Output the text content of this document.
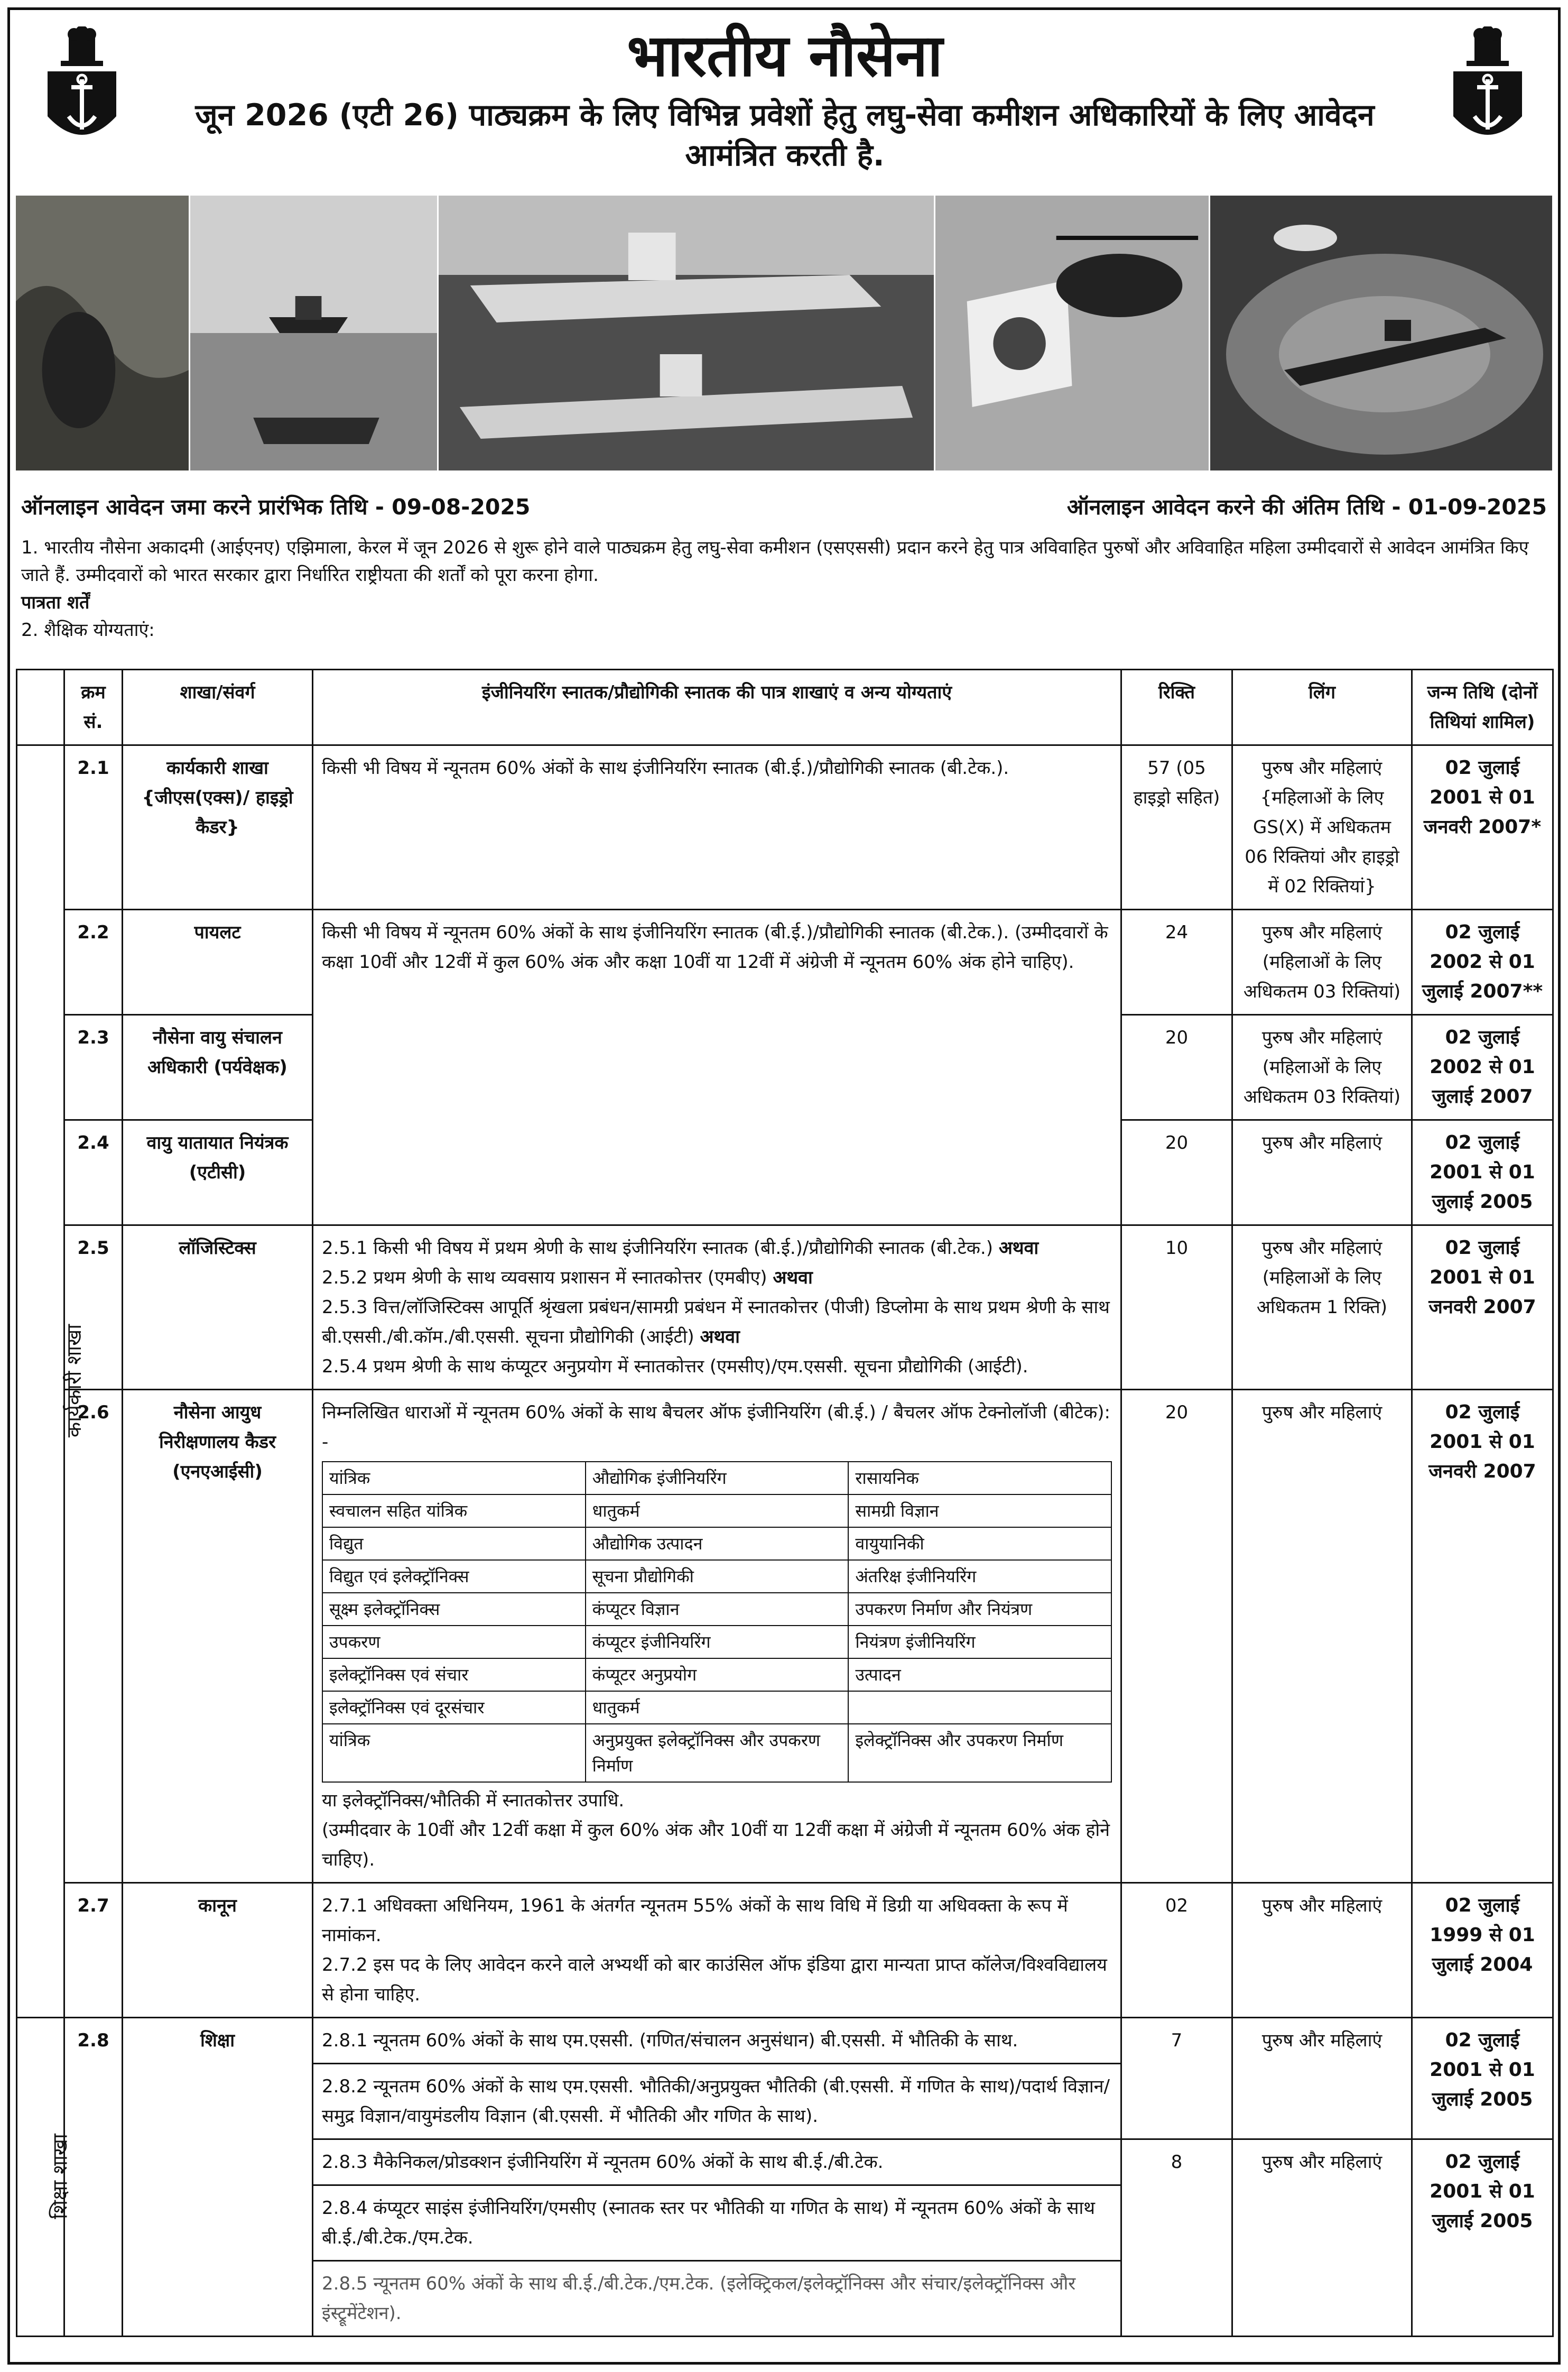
भारतीय नौसेना
जून 2026 (एटी 26) पाठ्यक्रम के लिए विभिन्न प्रवेशों हेतु लघु-सेवा कमीशन अधिकारियों के लिए आवेदन आमंत्रित करती है.
ऑनलाइन आवेदन जमा करने प्रारंभिक तिथि - 09-08-2025	ऑनलाइन आवेदन करने की अंतिम तिथि - 01-09-2025

1. भारतीय नौसेना अकादमी (आईएनए) एझिमाला, केरल में जून 2026 से शुरू होने वाले पाठ्यक्रम हेतु लघु-सेवा कमीशन (एसएससी) प्रदान करने हेतु पात्र अविवाहित पुरुषों और अविवाहित महिला उम्मीदवारों से आवेदन आमंत्रित किए जाते हैं. उम्मीदवारों को भारत सरकार द्वारा निर्धारित राष्ट्रीयता की शर्तों को पूरा करना होगा.

पात्रता शर्तें

2. शैक्षिक योग्यताएं:

	क्रम सं.	शाखा/संवर्ग	इंजीनियरिंग स्नातक/प्रौद्योगिकी स्नातक की पात्र शाखाएं व अन्य योग्यताएं	रिक्ति	लिंग	जन्म तिथि (दोनों तिथियां शामिल)
कार्यकारी शाखा	2.1	कार्यकारी शाखा {जीएस(एक्स)/ हाइड्रो कैडर}	किसी भी विषय में न्यूनतम 60% अंकों के साथ इंजीनियरिंग स्नातक (बी.ई.)/प्रौद्योगिकी स्नातक (बी.टेक.).	57 (05 हाइड्रो सहित)	पुरुष और महिलाएं {महिलाओं के लिए GS(X) में अधिकतम 06 रिक्तियां और हाइड्रो में 02 रिक्तियां}	02 जुलाई 2001 से 01 जनवरी 2007*
2.2	पायलट	किसी भी विषय में न्यूनतम 60% अंकों के साथ इंजीनियरिंग स्नातक (बी.ई.)/प्रौद्योगिकी स्नातक (बी.टेक.). (उम्मीदवारों के कक्षा 10वीं और 12वीं में कुल 60% अंक और कक्षा 10वीं या 12वीं में अंग्रेजी में न्यूनतम 60% अंक होने चाहिए).	24	पुरुष और महिलाएं (महिलाओं के लिए अधिकतम 03 रिक्तियां)	02 जुलाई 2002 से 01 जुलाई 2007**
2.3	नौसेना वायु संचालन अधिकारी (पर्यवेक्षक)	20	पुरुष और महिलाएं (महिलाओं के लिए अधिकतम 03 रिक्तियां)	02 जुलाई 2002 से 01 जुलाई 2007
2.4	वायु यातायात नियंत्रक (एटीसी)	20	पुरुष और महिलाएं	02 जुलाई 2001 से 01 जुलाई 2005
2.5	लॉजिस्टिक्स	2.5.1 किसी भी विषय में प्रथम श्रेणी के साथ इंजीनियरिंग स्नातक (बी.ई.)/प्रौद्योगिकी स्नातक (बी.टेक.) अथवा
2.5.2 प्रथम श्रेणी के साथ व्यवसाय प्रशासन में स्नातकोत्तर (एमबीए) अथवा
2.5.3 वित्त/लॉजिस्टिक्स आपूर्ति श्रृंखला प्रबंधन/सामग्री प्रबंधन में स्नातकोत्तर (पीजी) डिप्लोमा के साथ प्रथम श्रेणी के साथ बी.एससी./बी.कॉम./बी.एससी. सूचना प्रौद्योगिकी (आईटी) अथवा
2.5.4 प्रथम श्रेणी के साथ कंप्यूटर अनुप्रयोग में स्नातकोत्तर (एमसीए)/एम.एससी. सूचना प्रौद्योगिकी (आईटी).
	10	पुरुष और महिलाएं (महिलाओं के लिए अधिकतम 1 रिक्ति)	02 जुलाई 2001 से 01 जनवरी 2007
2.6	नौसेना आयुध निरीक्षणालय कैडर (एनएआईसी)	
निम्नलिखित धाराओं में न्यूनतम 60% अंकों के साथ बैचलर ऑफ इंजीनियरिंग (बी.ई.) / बैचलर ऑफ टेक्नोलॉजी (बीटेक): -
यांत्रिक	औद्योगिक इंजीनियरिंग	रासायनिक
स्वचालन सहित यांत्रिक	धातुकर्म	सामग्री विज्ञान
विद्युत	औद्योगिक उत्पादन	वायुयानिकी
विद्युत एवं इलेक्ट्रॉनिक्स	सूचना प्रौद्योगिकी	अंतरिक्ष इंजीनियरिंग
सूक्ष्म इलेक्ट्रॉनिक्स	कंप्यूटर विज्ञान	उपकरण निर्माण और नियंत्रण
उपकरण	कंप्यूटर इंजीनियरिंग	नियंत्रण इंजीनियरिंग
इलेक्ट्रॉनिक्स एवं संचार	कंप्यूटर अनुप्रयोग	उत्पादन
इलेक्ट्रॉनिक्स एवं दूरसंचार	धातुकर्म	
यांत्रिक	अनुप्रयुक्त इलेक्ट्रॉनिक्स और उपकरण निर्माण	इलेक्ट्रॉनिक्स और उपकरण निर्माण
या इलेक्ट्रॉनिक्स/भौतिकी में स्नातकोत्तर उपाधि.
(उम्मीदवार के 10वीं और 12वीं कक्षा में कुल 60% अंक और 10वीं या 12वीं कक्षा में अंग्रेजी में न्यूनतम 60% अंक होने चाहिए).
	20	पुरुष और महिलाएं	02 जुलाई 2001 से 01 जनवरी 2007
2.7	कानून	2.7.1 अधिवक्ता अधिनियम, 1961 के अंतर्गत न्यूनतम 55% अंकों के साथ विधि में डिग्री या अधिवक्ता के रूप में नामांकन.
2.7.2 इस पद के लिए आवेदन करने वाले अभ्यर्थी को बार काउंसिल ऑफ इंडिया द्वारा मान्यता प्राप्त कॉलेज/विश्वविद्यालय से होना चाहिए.
	02	पुरुष और महिलाएं	02 जुलाई 1999 से 01 जुलाई 2004
शिक्षा शाखा	2.8	शिक्षा	2.8.1 न्यूनतम 60% अंकों के साथ एम.एससी. (गणित/संचालन अनुसंधान) बी.एससी. में भौतिकी के साथ.	7	पुरुष और महिलाएं	02 जुलाई 2001 से 01 जुलाई 2005
2.8.2 न्यूनतम 60% अंकों के साथ एम.एससी. भौतिकी/अनुप्रयुक्त भौतिकी (बी.एससी. में गणित के साथ)/पदार्थ विज्ञान/समुद्र विज्ञान/वायुमंडलीय विज्ञान (बी.एससी. में भौतिकी और गणित के साथ).
2.8.3 मैकेनिकल/प्रोडक्शन इंजीनियरिंग में न्यूनतम 60% अंकों के साथ बी.ई./बी.टेक.	8	पुरुष और महिलाएं	02 जुलाई 2001 से 01 जुलाई 2005
2.8.4 कंप्यूटर साइंस इंजीनियरिंग/एमसीए (स्नातक स्तर पर भौतिकी या गणित के साथ) में न्यूनतम 60% अंकों के साथ बी.ई./बी.टेक./एम.टेक.
2.8.5 न्यूनतम 60% अंकों के साथ बी.ई./बी.टेक./एम.टेक. (इलेक्ट्रिकल/इलेक्ट्रॉनिक्स और संचार/इलेक्ट्रॉनिक्स और इंस्ट्रूमेंटेशन).
